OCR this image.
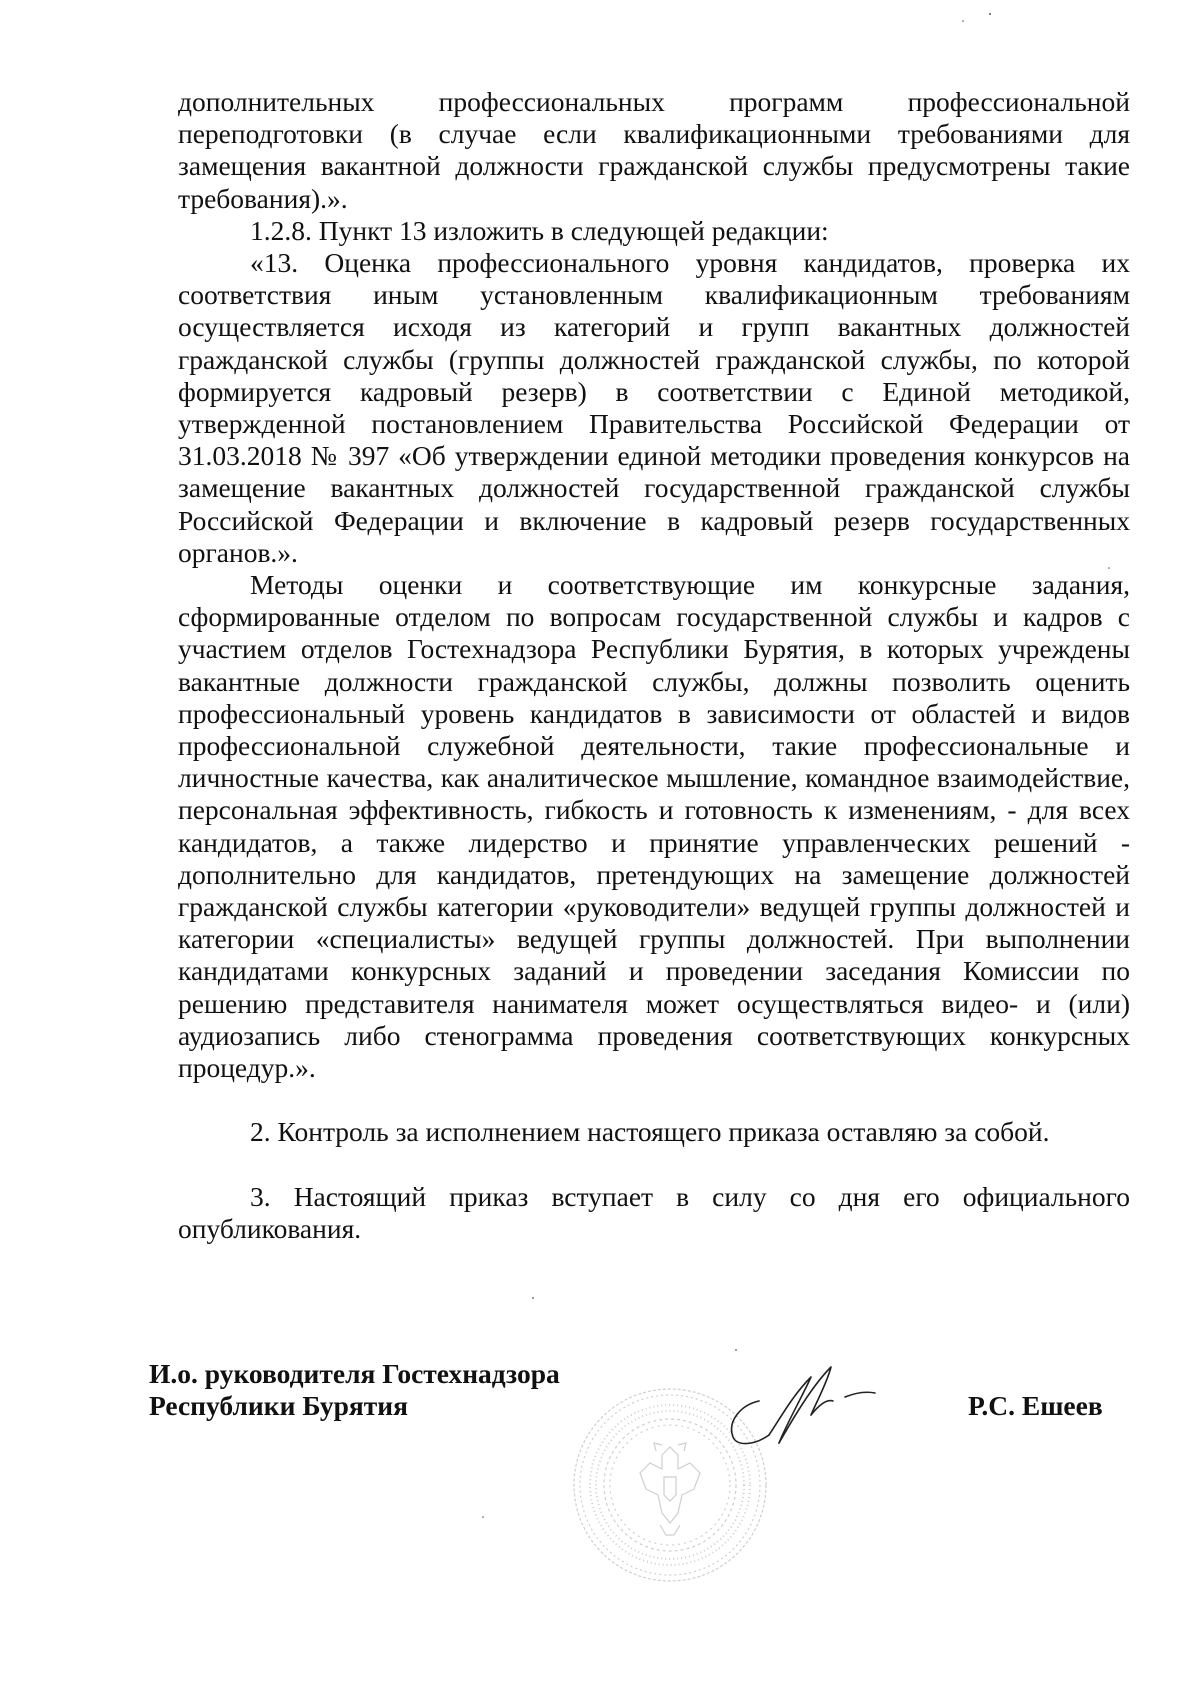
дополнительных профессиональных программ профессиональной переподготовки (в случае если квалификационными требованиями для замещения вакантной должности гражданской службы предусмотрены такие требования).».

1.2.8. Пункт 13 изложить в следующей редакции:

«13. Оценка профессионального уровня кандидатов, проверка их соответствия иным установленным квалификационным требованиям осуществляется исходя из категорий и групп вакантных должностей гражданской службы (группы должностей гражданской службы, по которой формируется кадровый резерв) в соответствии с Единой методикой, утвержденной постановлением Правительства Российской Федерации от 31.03.2018 № 397 «Об утверждении единой методики проведения конкурсов на замещение вакантных должностей государственной гражданской службы Российской Федерации и включение в кадровый резерв государственных органов.».

Методы оценки и соответствующие им конкурсные задания, сформированные отделом по вопросам государственной службы и кадров с участием отделов Гостехнадзора Республики Бурятия, в которых учреждены вакантные должности гражданской службы, должны позволить оценить профессиональный уровень кандидатов в зависимости от областей и видов профессиональной служебной деятельности, такие профессиональные и личностные качества, как аналитическое мышление, командное взаимодействие, персональная эффективность, гибкость и готовность к изменениям, - для всех кандидатов, а также лидерство и принятие управленческих решений - дополнительно для кандидатов, претендующих на замещение должностей гражданской службы категории «руководители» ведущей группы должностей и категории «специалисты» ведущей группы должностей. При выполнении кандидатами конкурсных заданий и проведении заседания Комиссии по решению представителя нанимателя может осуществляться видео- и (или) аудиозапись либо стенограмма проведения соответствующих конкурсных процедур.».

2. Контроль за исполнением настоящего приказа оставляю за собой.

3. Настоящий приказ вступает в силу со дня его официального опубликования.

И.о. руководителя Гостехнадзора
Республики Бурятия	Р.С. Ешеев
